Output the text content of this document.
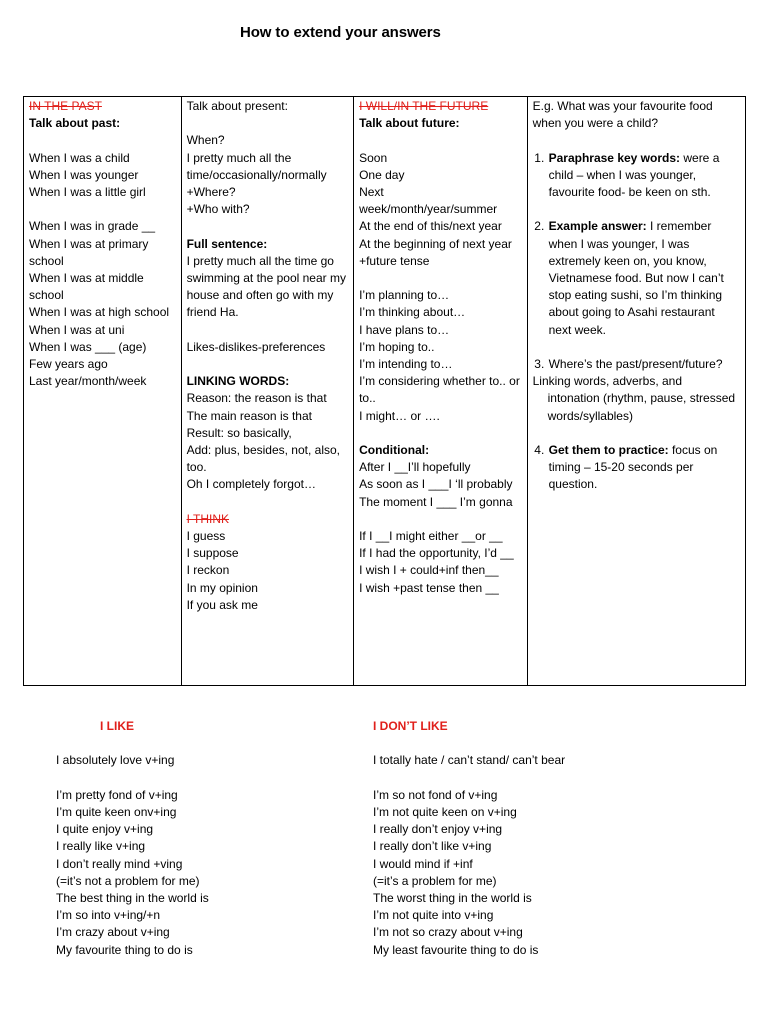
How to extend your answers
IN THE PAST
Talk about past:
When I was a child
When I was younger
When I was a little girl
When I was in grade __
When I was at primary school
When I was at middle school
When I was at high school
When I was at uni
When I was ___ (age)
Few years ago
Last year/month/week
Talk about present:
When?
I pretty much all the time/occasionally/normally
+Where?
+Who with?
Full sentence:
I pretty much all the time go swimming at the pool near my house and often go with my friend Ha.
Likes-dislikes-preferences
LINKING WORDS:
Reason: the reason is that
The main reason is that
Result: so basically,
Add: plus, besides, not, also, too.
Oh I completely forgot…
I THINK
I guess
I suppose
I reckon
In my opinion
If you ask me
I WILL/IN THE FUTURE
Talk about future:
Soon
One day
Next week/month/year/summer
At the end of this/next year
At the beginning of next year
+future tense
I’m planning to…
I’m thinking about…
I have plans to…
I’m hoping to..
I’m intending to…
I’m considering whether to.. or to..
I might… or ….
Conditional:
After I __I’ll hopefully
As soon as I ___I ‘ll probably
The moment I ___ I’m gonna
If I __I might either __or __
If I had the opportunity, I’d __
I wish I + could+inf then__
I wish +past tense then __
E.g. What was your favourite food when you were a child?
1. Paraphrase key words: were a child – when I was younger, favourite food- be keen on sth.
2. Example answer: I remember when I was younger, I was extremely keen on, you know, Vietnamese food. But now I can’t stop eating sushi, so I’m thinking about going to Asahi restaurant next week.
3. Where’s the past/present/future?
Linking words, adverbs, and
intonation (rhythm, pause, stressed words/syllables)
4. Get them to practice: focus on timing – 15-20 seconds per question.
I LIKE
I absolutely love v+ing
I’m pretty fond of v+ing
I’m quite keen onv+ing
I quite enjoy v+ing
I really like v+ing
I don’t really mind +ving
(=it’s not a problem for me)
The best thing in the world is
I’m so into v+ing/+n
I’m crazy about v+ing
My favourite thing to do is
I DON’T LIKE
I totally hate / can’t stand/ can’t bear
I’m so not fond of v+ing
I’m not quite keen on v+ing
I really don’t enjoy v+ing
I really don’t like v+ing
I would mind if +inf
(=it’s a problem for me)
The worst thing in the world is
I’m not quite into v+ing
I’m not so crazy about v+ing
My least favourite thing to do is
